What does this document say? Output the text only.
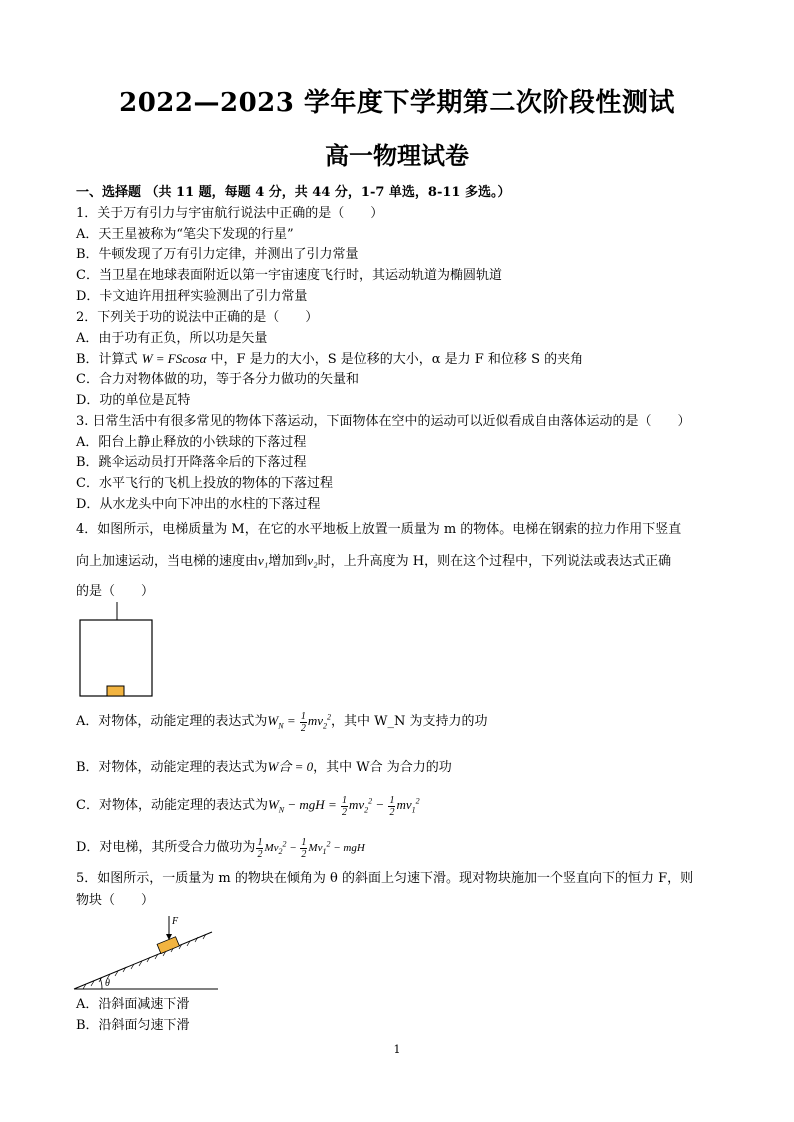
2022—2023 学年度下学期第二次阶段性测试
高一物理试卷
一、选择题 （共 11 题，每题 4 分，共 44 分，1-7 单选，8-11 多选。）
1．关于万有引力与宇宙航行说法中正确的是（　　）
A．天王星被称为“笔尖下发现的行星”
B．牛顿发现了万有引力定律，并测出了引力常量
C．当卫星在地球表面附近以第一宇宙速度飞行时，其运动轨道为椭圆轨道
D．卡文迪许用扭秤实验测出了引力常量
2．下列关于功的说法中正确的是（　　）
A．由于功有正负，所以功是矢量
B．计算式 W = FScosα 中，F 是力的大小，S 是位移的大小，α 是力 F 和位移 S 的夹角
C．合力对物体做的功，等于各分力做功的矢量和
D．功的单位是瓦特
3. 日常生活中有很多常见的物体下落运动，下面物体在空中的运动可以近似看成自由落体运动的是（　　）
A．阳台上静止释放的小铁球的下落过程
B．跳伞运动员打开降落伞后的下落过程
C．水平飞行的飞机上投放的物体的下落过程
D．从水龙头中向下冲出的水柱的下落过程
4．如图所示，电梯质量为 M，在它的水平地板上放置一质量为 m 的物体。电梯在钢索的拉力作用下竖直
向上加速运动，当电梯的速度由v₁增加到v₂时，上升高度为 H，则在这个过程中，下列说法或表达式正确
的是（　　）
A．对物体，动能定理的表达式为$W_N = \frac{1}{2} mv_2^2$，其中 W_N 为支持力的功
B．对物体，动能定理的表达式为W合 = 0，其中 W合 为合力的功
C．对物体，动能定理的表达式为$W_N$ − mgH = $\frac{1}{2} mv_2^2 - \frac{1}{2} mv_1^2$
D．对电梯，其所受合力做功为 $\frac{1}{2} Mv_2^2 - \frac{1}{2} Mv_1^2$ − mgH
5．如图所示，一质量为 m 的物块在倾角为 θ 的斜面上匀速下滑。现对物块施加一个竖直向下的恒力 F，则
物块（　　）
θ
F
A．沿斜面减速下滑
B．沿斜面匀速下滑
1
